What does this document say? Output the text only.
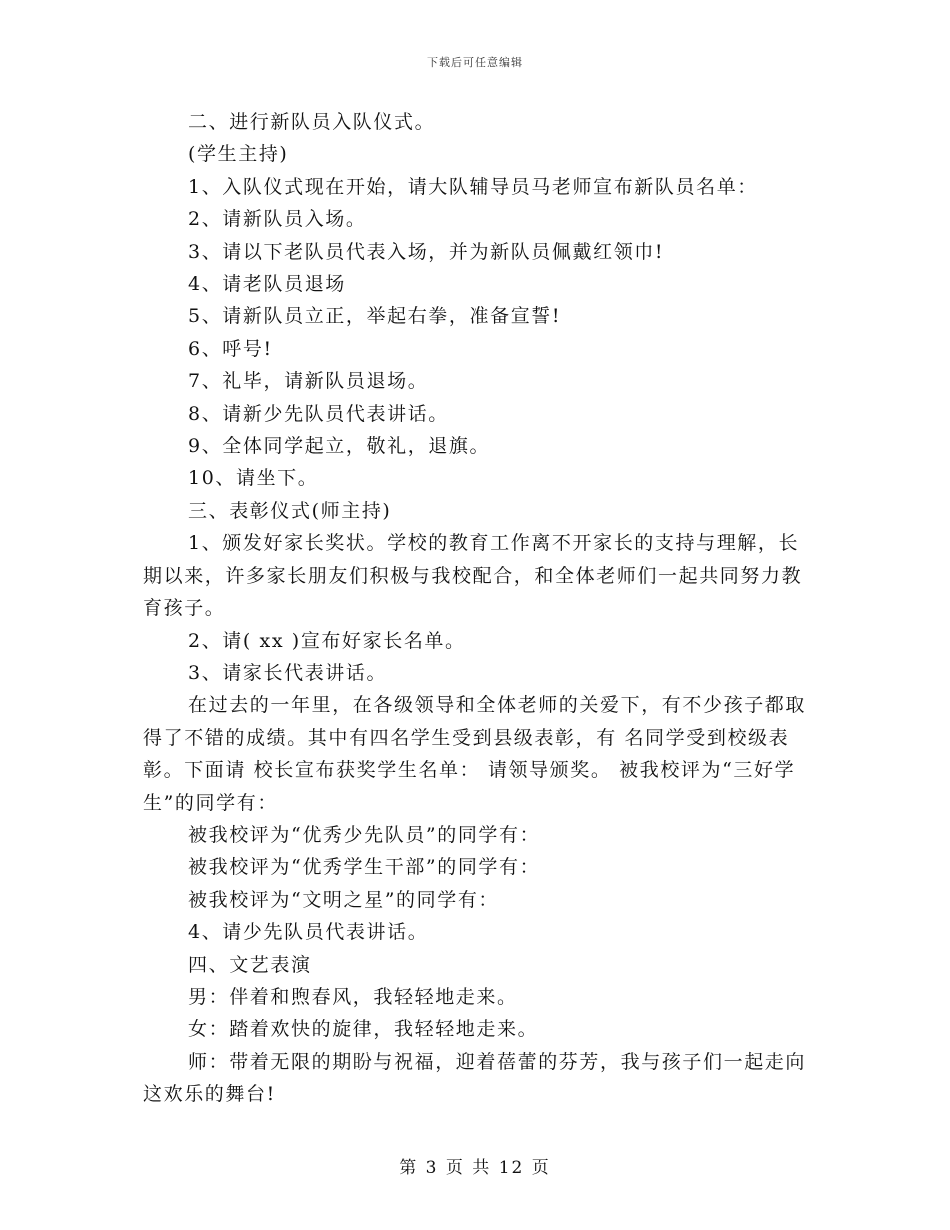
下载后可任意编辑

二、进行新队员入队仪式。

(学生主持)

1、入队仪式现在开始，请大队辅导员马老师宣布新队员名单：

2、请新队员入场。

3、请以下老队员代表入场，并为新队员佩戴红领巾!

4、请老队员退场

5、请新队员立正，举起右拳，准备宣誓!

6、呼号!

7、礼毕，请新队员退场。

8、请新少先队员代表讲话。

9、全体同学起立，敬礼，退旗。

10、请坐下。

三、表彰仪式(师主持)

1、颁发好家长奖状。学校的教育工作离不开家长的支持与理解，长期以来，许多家长朋友们积极与我校配合，和全体老师们一起共同努力教育孩子。

2、请( xx )宣布好家长名单。

3、请家长代表讲话。

在过去的一年里，在各级领导和全体老师的关爱下，有不少孩子都取得了不错的成绩。其中有四名学生受到县级表彰，有 名同学受到校级表彰。下面请 校长宣布获奖学生名单： 请领导颁奖。 被我校评为“三好学生”的同学有：

被我校评为“优秀少先队员”的同学有：

被我校评为“优秀学生干部”的同学有：

被我校评为“文明之星”的同学有：

4、请少先队员代表讲话。

四、文艺表演

男：伴着和煦春风，我轻轻地走来。

女：踏着欢快的旋律，我轻轻地走来。

师：带着无限的期盼与祝福，迎着蓓蕾的芬芳，我与孩子们一起走向这欢乐的舞台!

第 3 页 共 12 页
